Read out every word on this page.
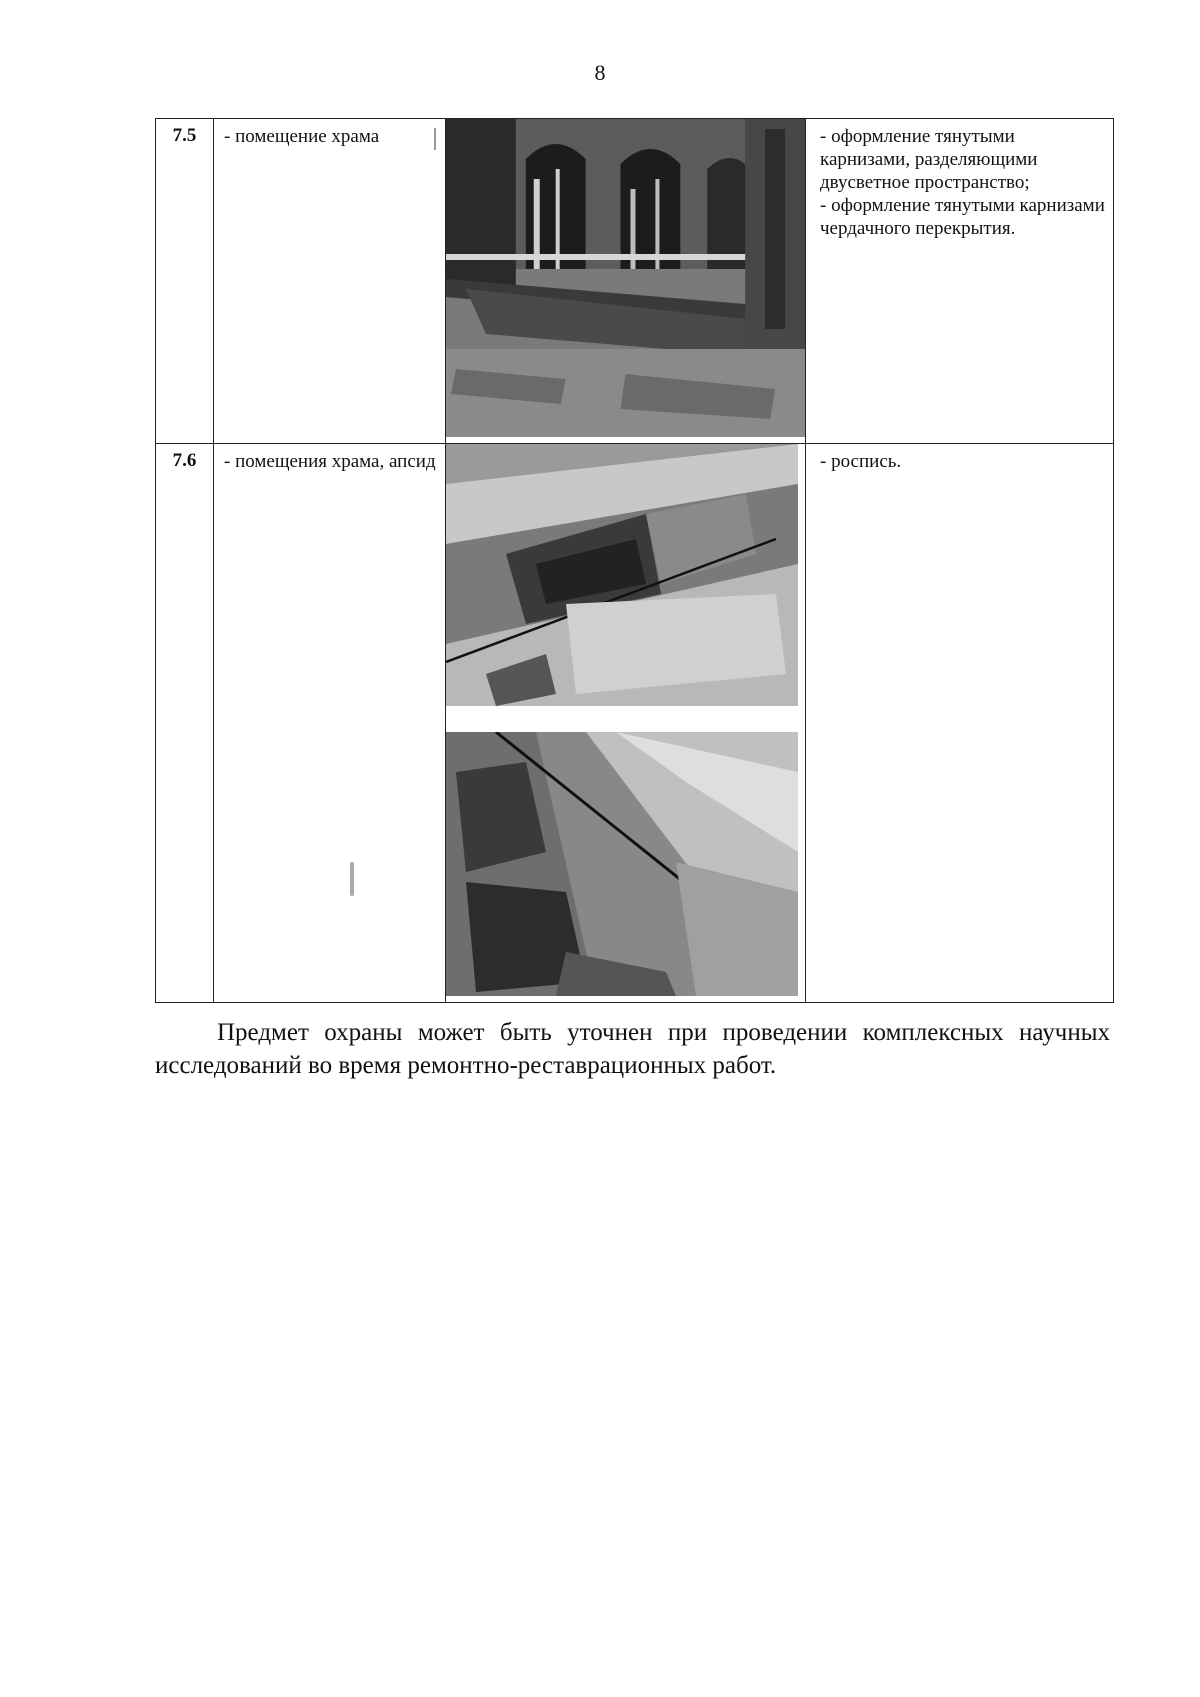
8
7.5	- помещение храма		- оформление тянутыми карнизами, разделяющими двусветное пространство;
- оформление тянутыми карнизами чердачного перекрытия.

7.6	- помещения храма, апсид		- роспись.

Предмет охраны может быть уточнен при проведении комплексных научных исследований во время ремонтно-реставрационных работ.
